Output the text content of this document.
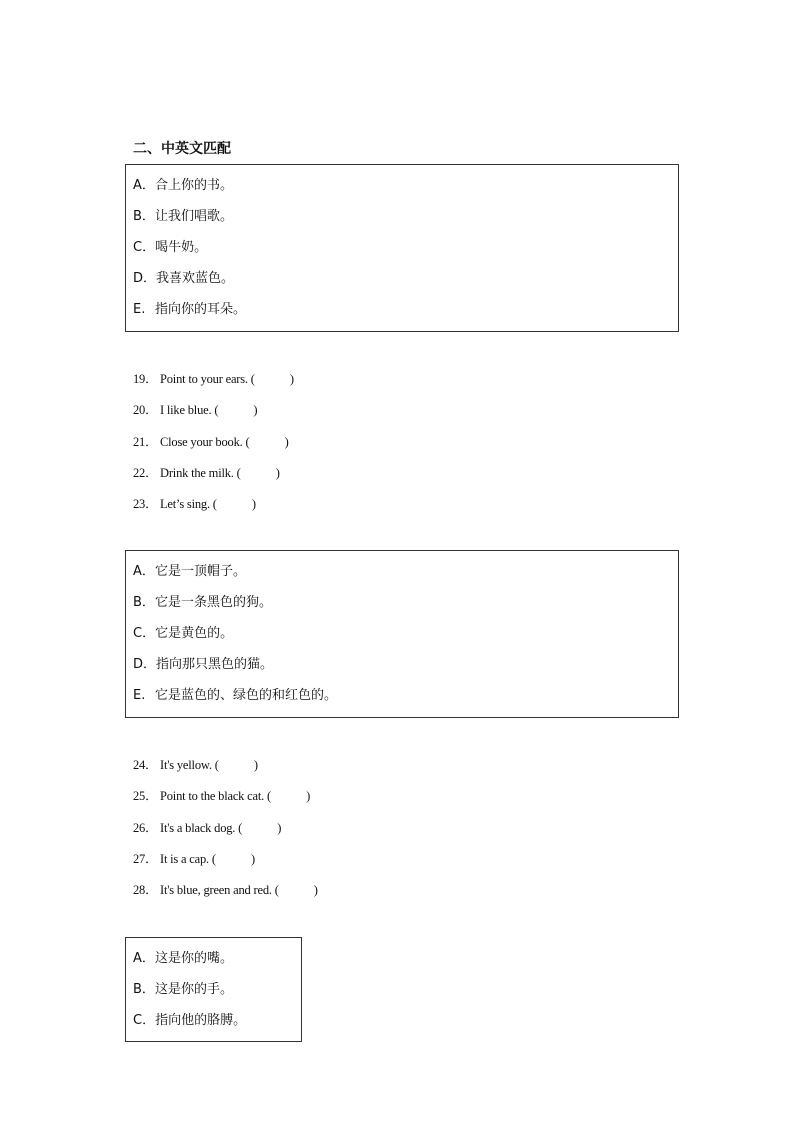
二、中英文匹配
A．合上你的书。
B．让我们唱歌。
C．喝牛奶。
D．我喜欢蓝色。
E.指向你的耳朵。
19． Point to your ears. (	)
20． I like blue. (	)
21． Close your book. (	)
22． Drink the milk. (	)
23． Let’s sing. (	)
A．它是一顶帽子。
B．它是一条黑色的狗。
C．它是黄色的。
D．指向那只黑色的猫。
E.它是蓝色的、绿色的和红色的。
24． It's yellow. (	)
25． Point to the black cat. (	)
26． It's a black dog. (	)
27． It is a cap. (	)
28． It's blue, green and red. (	)
A．这是你的嘴。
B．这是你的手。
C．指向他的胳膊。
